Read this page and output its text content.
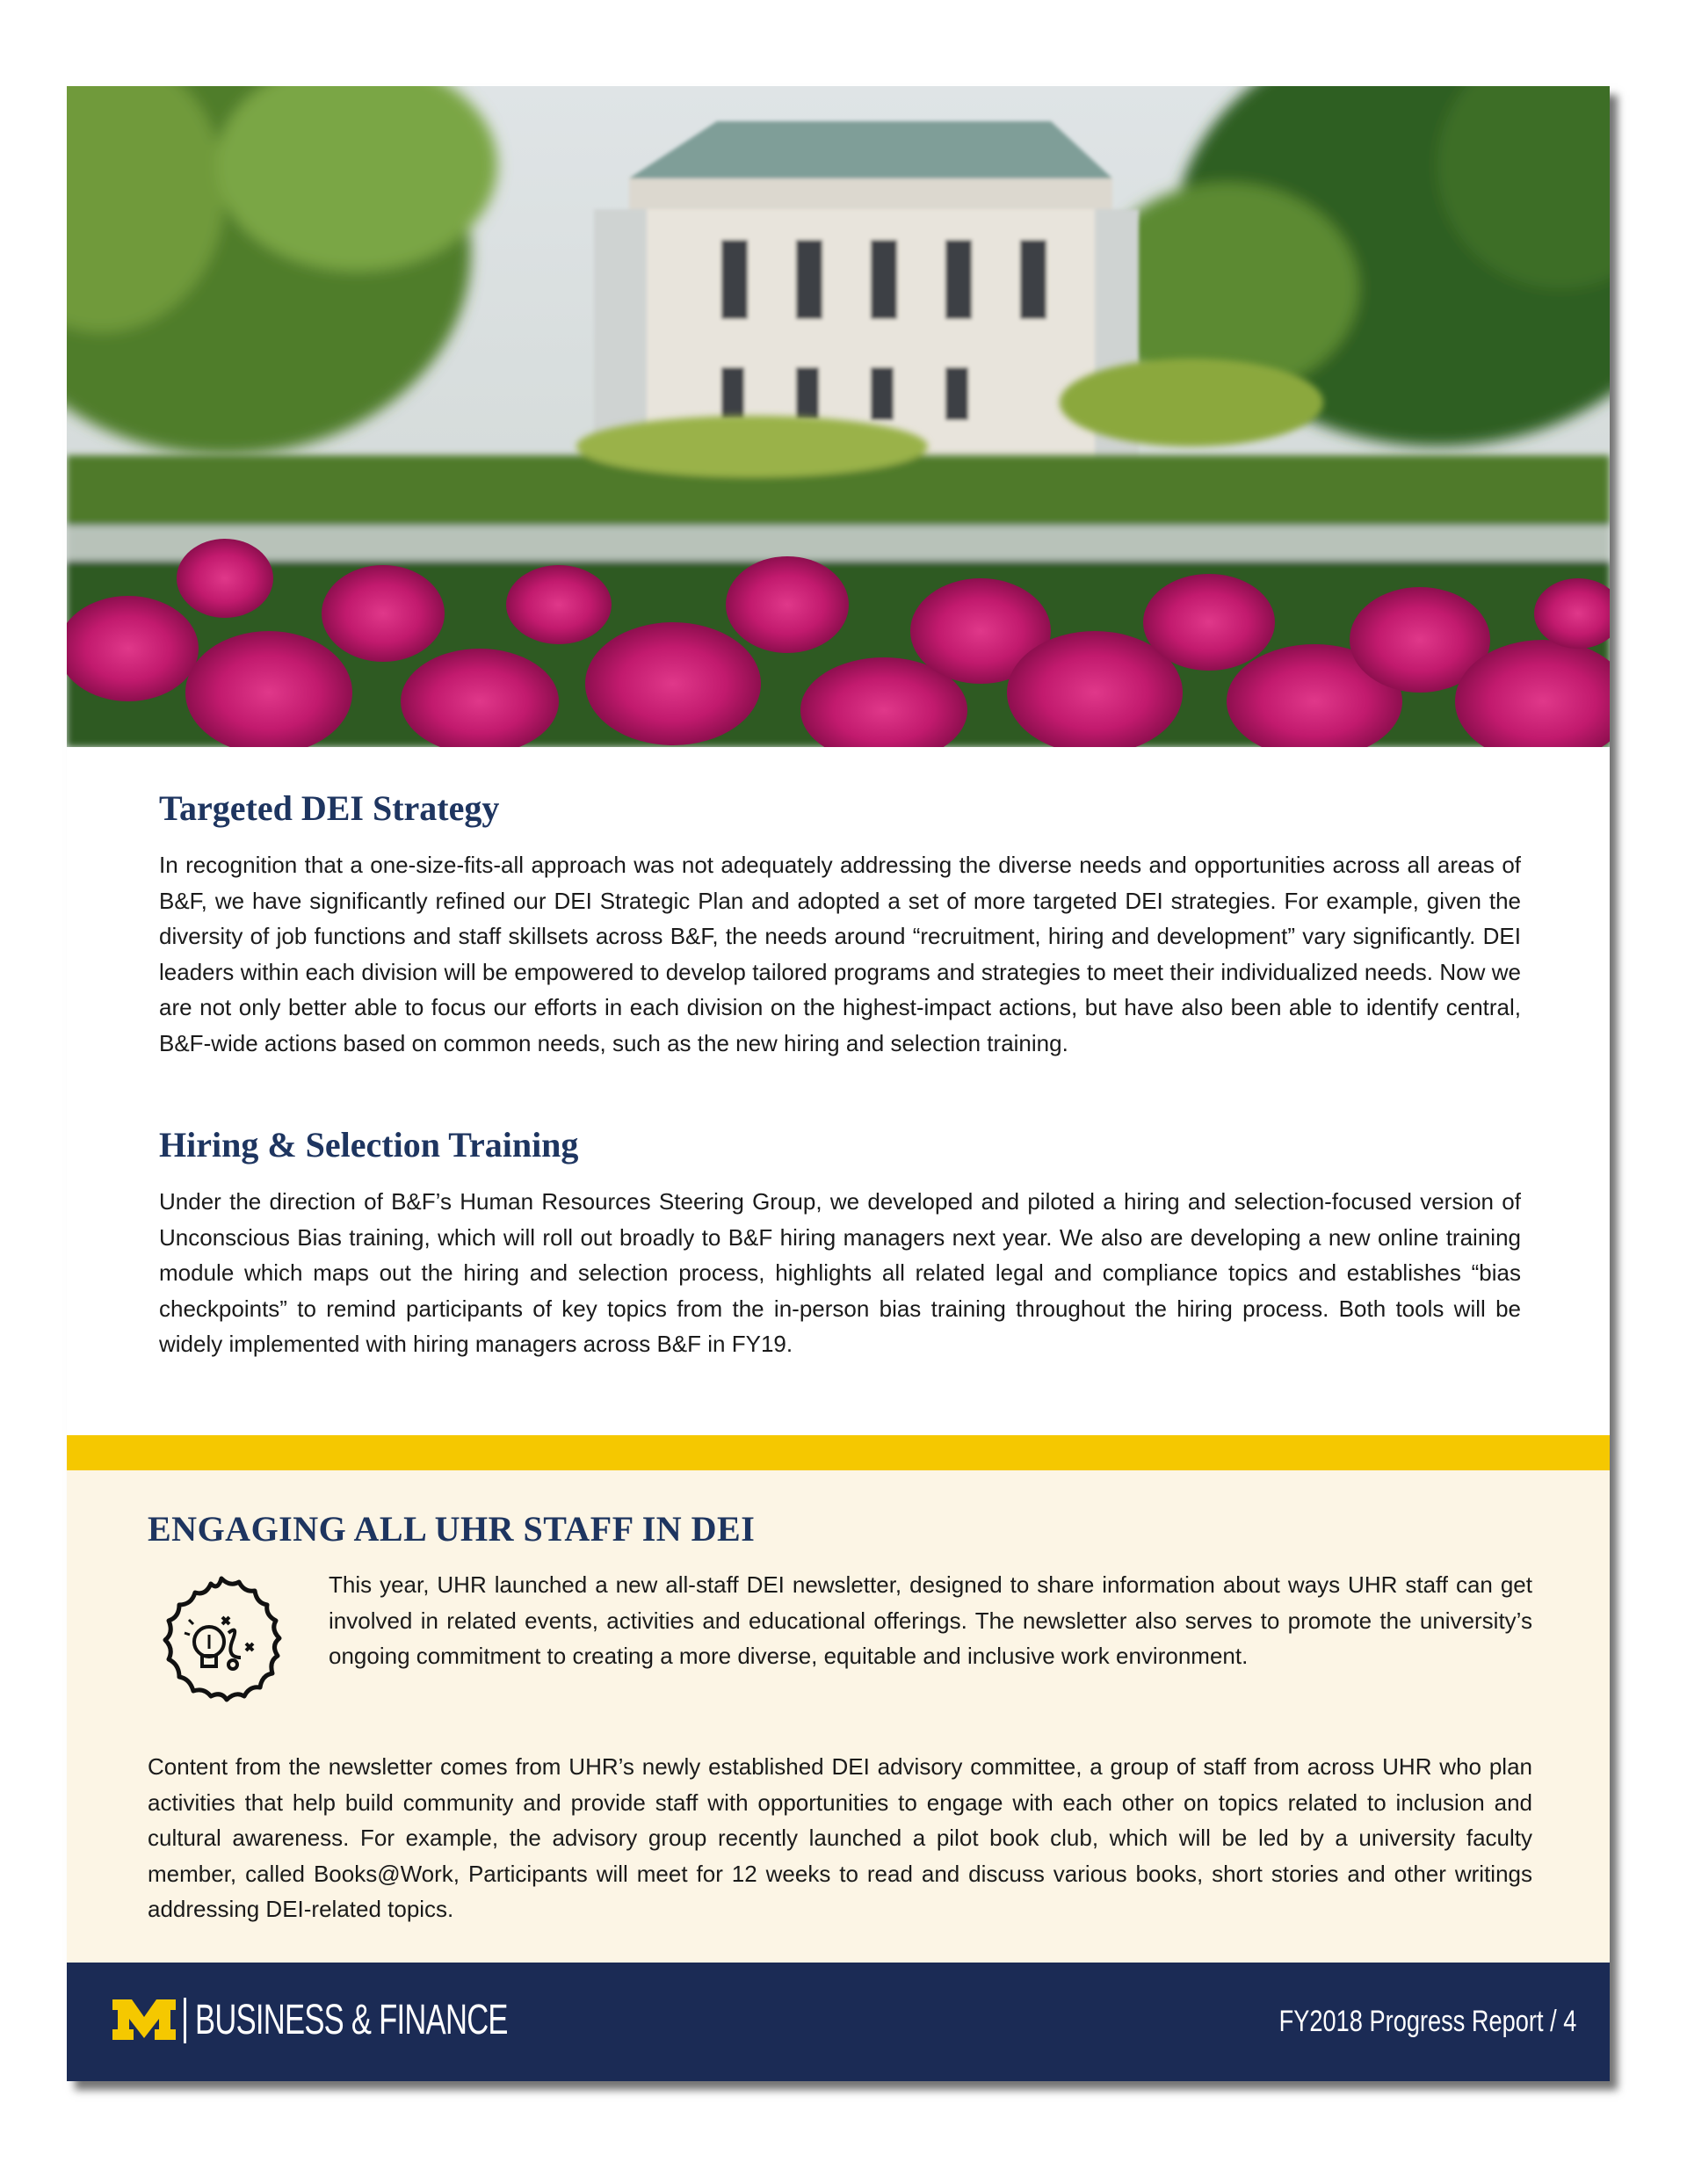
Targeted DEI Strategy

In recognition that a one-size-fits-all approach was not adequately addressing the diverse needs and opportunities across all areas of B&F, we have significantly refined our DEI Strategic Plan and adopted a set of more targeted DEI strategies. For example, given the diversity of job functions and staff skillsets across B&F, the needs around “recruitment, hiring and development” vary significantly. DEI leaders within each division will be empowered to develop tailored programs and strategies to meet their individualized needs. Now we are not only better able to focus our efforts in each division on the highest-impact actions, but have also been able to identify central, B&F-wide actions based on common needs, such as the new hiring and selection training.

Hiring & Selection Training

Under the direction of B&F’s Human Resources Steering Group, we developed and piloted a hiring and selection-focused version of Unconscious Bias training, which will roll out broadly to B&F hiring managers next year. We also are developing a new online training module which maps out the hiring and selection process, highlights all related legal and compliance topics and establishes “bias checkpoints” to remind participants of key topics from the in-person bias training throughout the hiring process. Both tools will be widely implemented with hiring managers across B&F in FY19.

ENGAGING ALL UHR STAFF IN DEI

This year, UHR launched a new all-staff DEI newsletter, designed to share information about ways UHR staff can get involved in related events, activities and educational offerings. The newsletter also serves to promote the university’s ongoing commitment to creating a more diverse, equitable and inclusive work environment.

Content from the newsletter comes from UHR’s newly established DEI advisory committee, a group of staff from across UHR who plan activities that help build community and provide staff with opportunities to engage with each other on topics related to inclusion and cultural awareness. For example, the advisory group recently launched a pilot book club, which will be led by a university faculty member, called Books@Work, Participants will meet for 12 weeks to read and discuss various books, short stories and other writings addressing DEI-related topics.

BUSINESS & FINANCE	FY2018 Progress Report / 4
